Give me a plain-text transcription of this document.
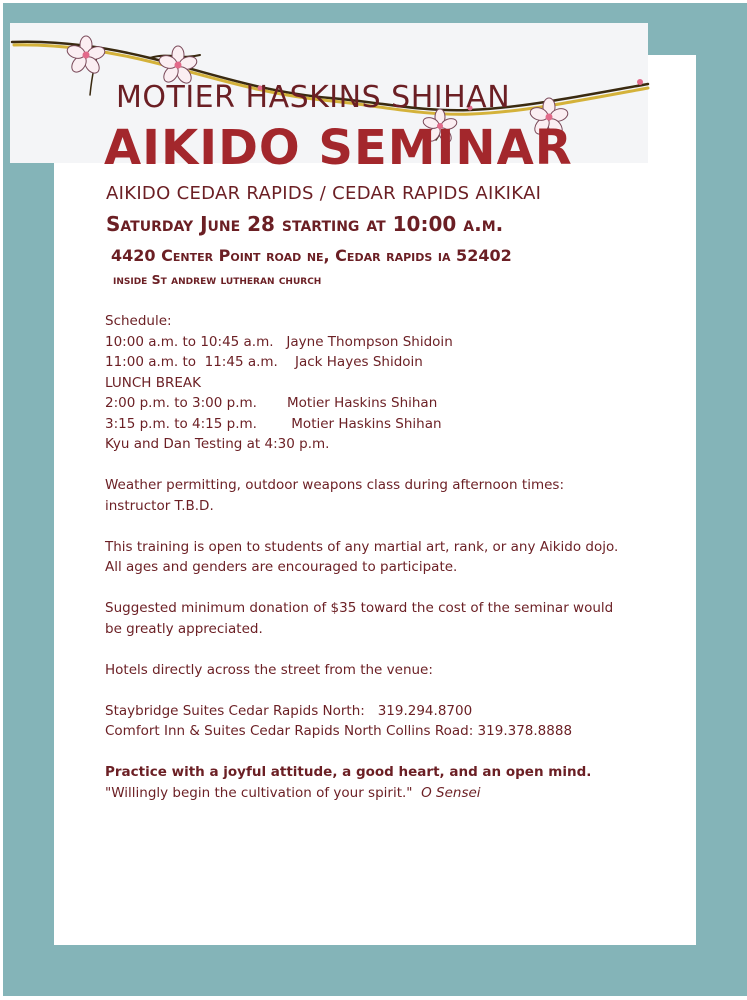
MOTIER HASKINS SHIHAN
AIKIDO SEMINAR
AIKIDO CEDAR RAPIDS / CEDAR RAPIDS AIKIKAI
Saturday June 28 starting at 10:00 a.m.
4420 Center Point road ne, Cedar rapids ia 52402
inside St andrew lutheran church
Schedule:
10:00 a.m. to 10:45 a.m.   Jayne Thompson Shidoin
11:00 a.m. to  11:45 a.m.    Jack Hayes Shidoin
LUNCH BREAK
2:00 p.m. to 3:00 p.m.       Motier Haskins Shihan
3:15 p.m. to 4:15 p.m.        Motier Haskins Shihan
Kyu and Dan Testing at 4:30 p.m.
Weather permitting, outdoor weapons class during afternoon times:
instructor T.B.D.
This training is open to students of any martial art, rank, or any Aikido dojo.
All ages and genders are encouraged to participate.
Suggested minimum donation of $35 toward the cost of the seminar would
be greatly appreciated.
Hotels directly across the street from the venue:
Staybridge Suites Cedar Rapids North:   319.294.8700
Comfort Inn & Suites Cedar Rapids North Collins Road: 319.378.8888
Practice with a joyful attitude, a good heart, and an open mind.
"Willingly begin the cultivation of your spirit." O Sensei
